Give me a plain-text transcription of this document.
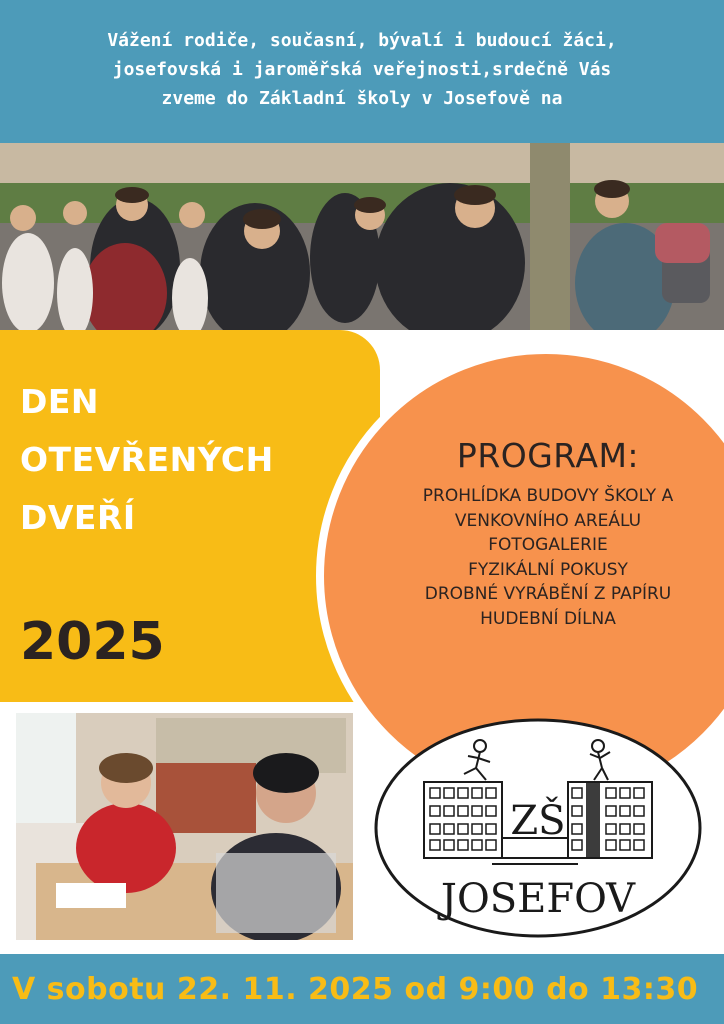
Vážení rodiče, současní, bývalí i budoucí žáci,
josefovská i jaroměřská veřejnosti,srdečně Vás
zveme do Základní školy v Josefově na
DEN
OTEVŘENÝCH
DVEŘÍ
2025
PROGRAM:
PROHLÍDKA BUDOVY ŠKOLY A
VENKOVNÍHO AREÁLU
FOTOGALERIE
FYZIKÁLNÍ POKUSY
DROBNÉ VYRÁBĚNÍ Z PAPÍRU
HUDEBNÍ DÍLNA
ZŠ
JOSEFOV
V sobotu 22. 11. 2025 od 9:00 do 13:30
